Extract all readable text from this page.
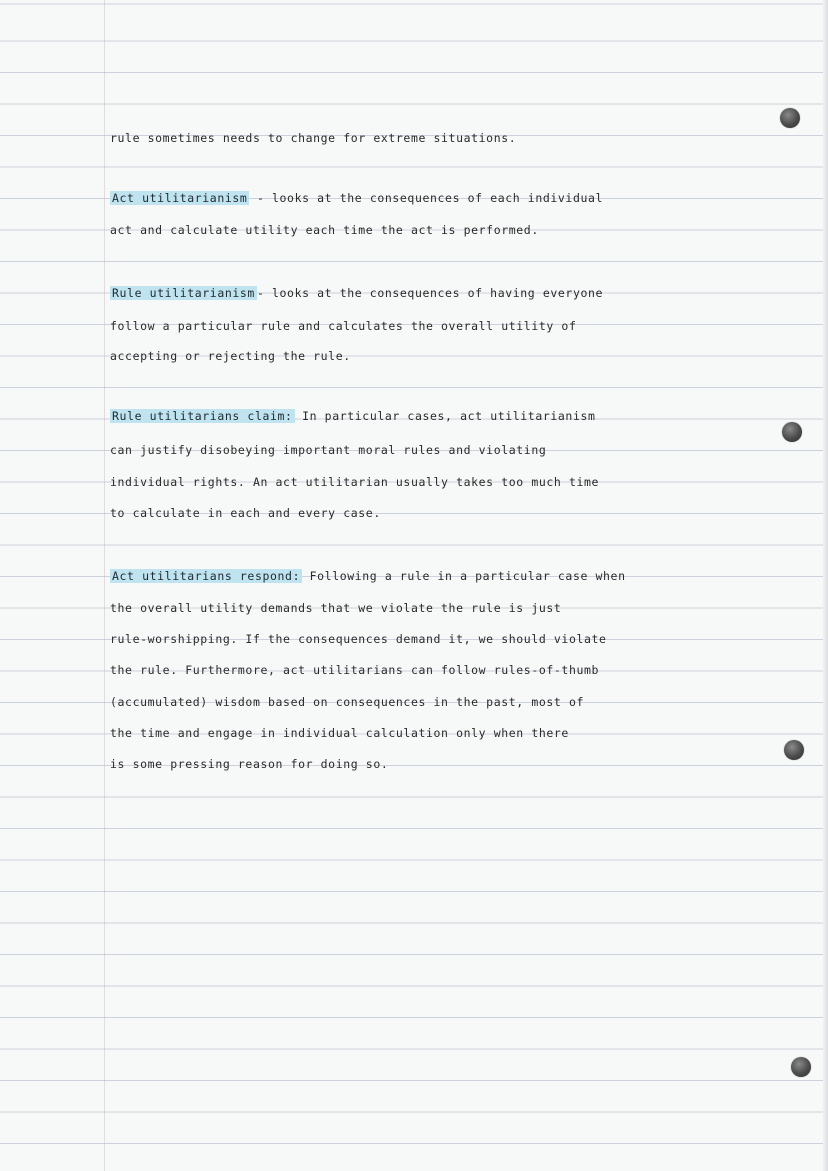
rule sometimes needs to change for extreme situations.

Act utilitarianism - looks at the consequences of each individual

act and calculate utility each time the act is performed.

Rule utilitarianism - looks at the consequences of having everyone

follow a particular rule and calculates the overall utility of

accepting or rejecting the rule.

Rule utilitarians claim: In particular cases, act utilitarianism

can justify disobeying important moral rules and violating

individual rights. An act utilitarian usually takes too much time

to calculate in each and every case.

Act utilitarians respond: Following a rule in a particular case when

the overall utility demands that we violate the rule is just

rule-worshipping. If the consequences demand it, we should violate

the rule. Furthermore, act utilitarians can follow rules-of-thumb

(accumulated) wisdom based on consequences in the past, most of

the time and engage in individual calculation only when there

is some pressing reason for doing so.
